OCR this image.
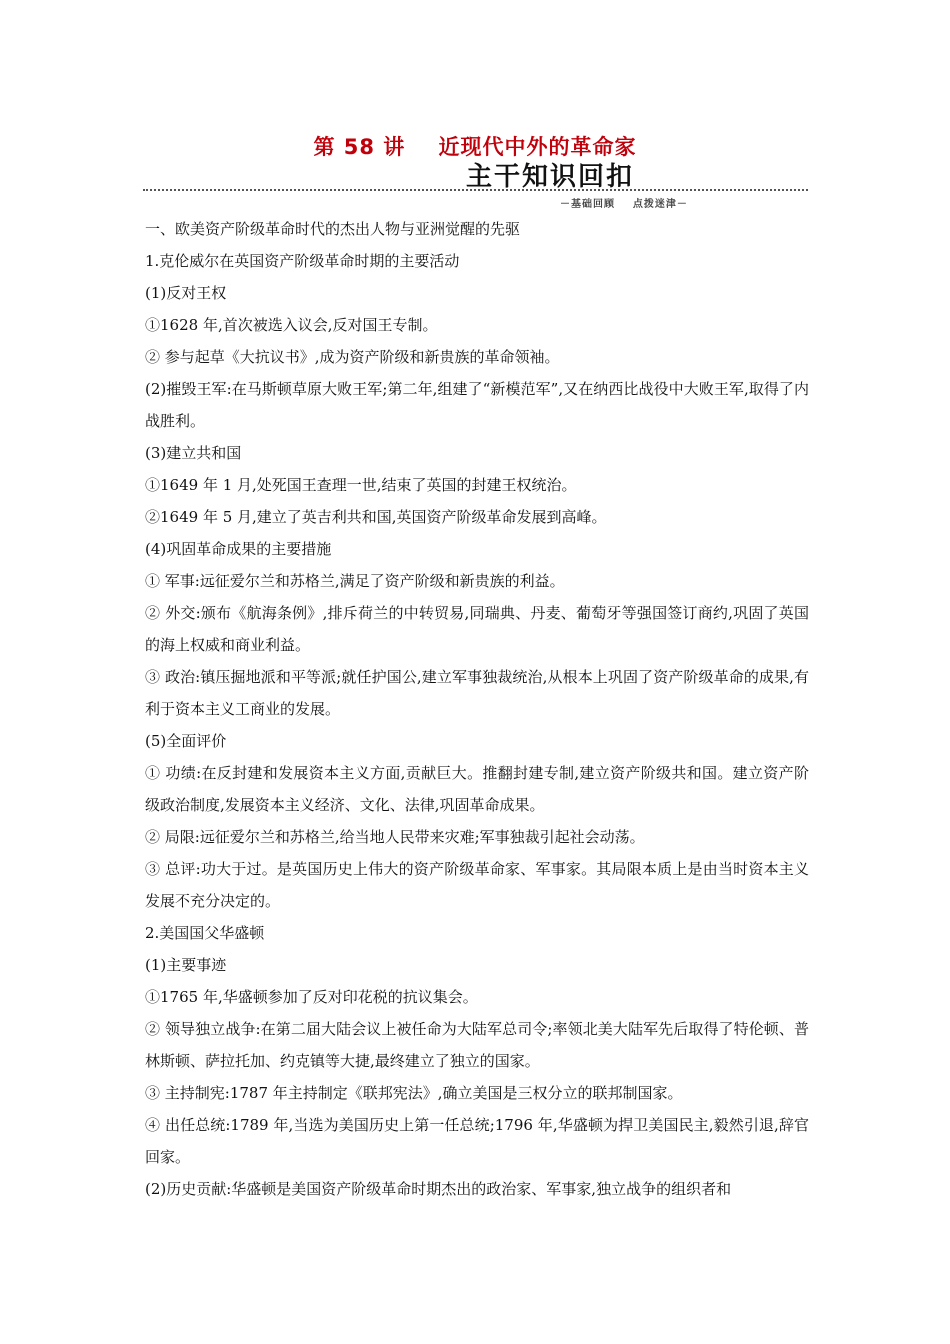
第 58 讲    近现代中外的革命家
主干知识回扣
－基础回顾    点拨迷津－

一、欧美资产阶级革命时代的杰出人物与亚洲觉醒的先驱

1.克伦威尔在英国资产阶级革命时期的主要活动

(1)反对王权

①1628 年,首次被选入议会,反对国王专制。

② 参与起草《大抗议书》,成为资产阶级和新贵族的革命领袖。

(2)摧毁王军:在马斯顿草原大败王军;第二年,组建了“新模范军”,又在纳西比战役中大败王军,取得了内战胜利。

(3)建立共和国

①1649 年 1 月,处死国王查理一世,结束了英国的封建王权统治。

②1649 年 5 月,建立了英吉利共和国,英国资产阶级革命发展到高峰。

(4)巩固革命成果的主要措施

① 军事:远征爱尔兰和苏格兰,满足了资产阶级和新贵族的利益。

② 外交:颁布《航海条例》,排斥荷兰的中转贸易,同瑞典、丹麦、葡萄牙等强国签订商约,巩固了英国的海上权威和商业利益。

③ 政治:镇压掘地派和平等派;就任护国公,建立军事独裁统治,从根本上巩固了资产阶级革命的成果,有利于资本主义工商业的发展。

(5)全面评价

① 功绩:在反封建和发展资本主义方面,贡献巨大。推翻封建专制,建立资产阶级共和国。建立资产阶级政治制度,发展资本主义经济、文化、法律,巩固革命成果。

② 局限:远征爱尔兰和苏格兰,给当地人民带来灾难;军事独裁引起社会动荡。

③ 总评:功大于过。是英国历史上伟大的资产阶级革命家、军事家。其局限本质上是由当时资本主义发展不充分决定的。

2.美国国父华盛顿

(1)主要事迹

①1765 年,华盛顿参加了反对印花税的抗议集会。

② 领导独立战争:在第二届大陆会议上被任命为大陆军总司令;率领北美大陆军先后取得了特伦顿、普林斯顿、萨拉托加、约克镇等大捷,最终建立了独立的国家。

③ 主持制宪:1787 年主持制定《联邦宪法》,确立美国是三权分立的联邦制国家。

④ 出任总统:1789 年,当选为美国历史上第一任总统;1796 年,华盛顿为捍卫美国民主,毅然引退,辞官回家。

(2)历史贡献:华盛顿是美国资产阶级革命时期杰出的政治家、军事家,独立战争的组织者和
